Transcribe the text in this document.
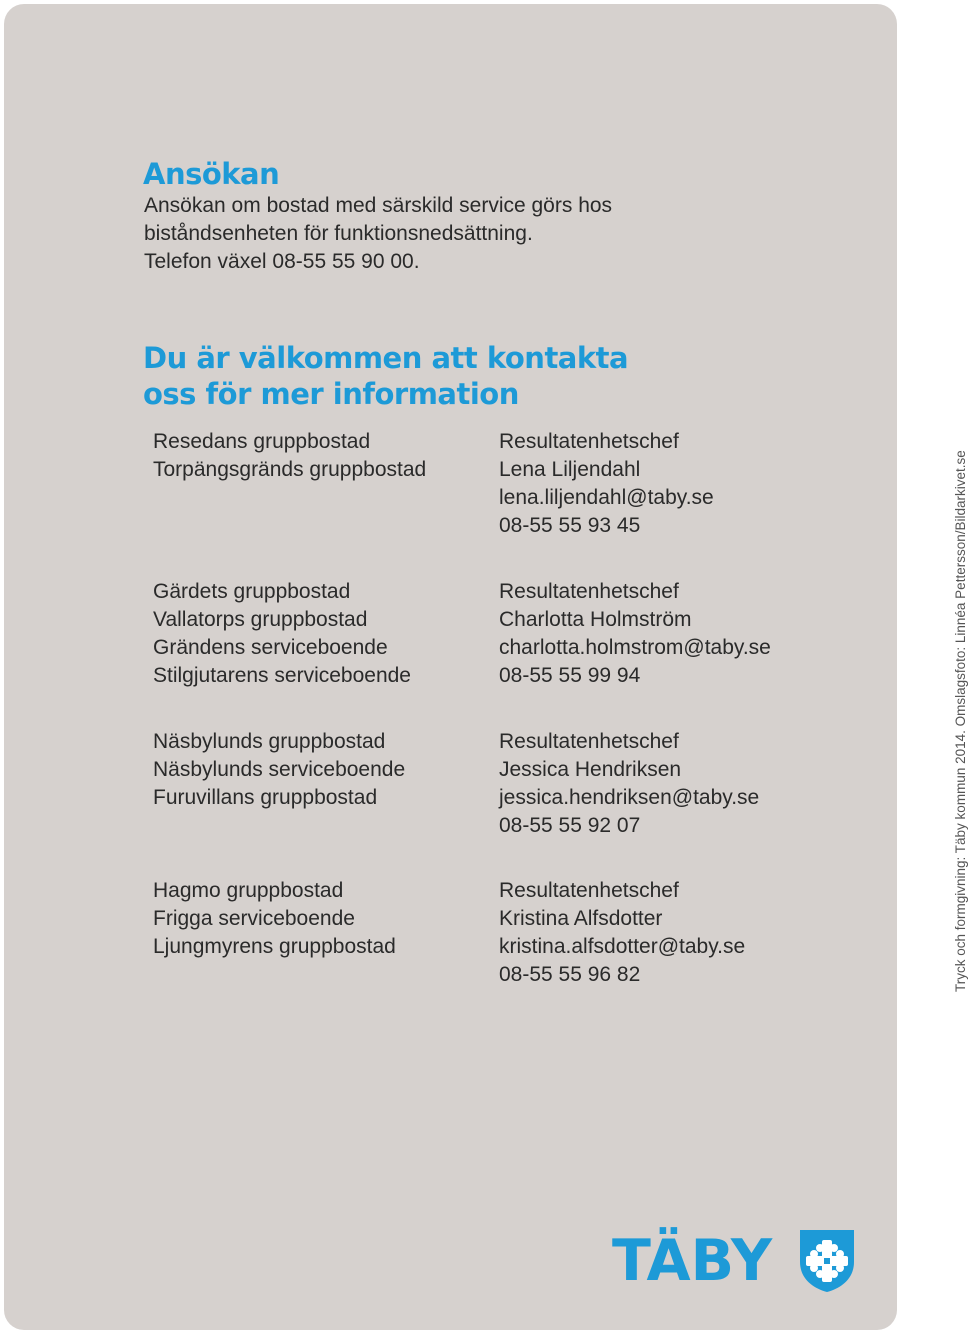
Ansökan
Ansökan om bostad med särskild service görs hos
biståndsenheten för funktionsnedsättning.
Telefon växel 08-55 55 90 00.
Du är välkommen att kontakta
oss för mer information
Resedans gruppbostad
Torpängsgränds gruppbostad
Resultatenhetschef
Lena Liljendahl
lena.liljendahl@taby.se
08-55 55 93 45
Gärdets gruppbostad
Vallatorps gruppbostad
Grändens serviceboende
Stilgjutarens serviceboende
Resultatenhetschef
Charlotta Holmström
charlotta.holmstrom@taby.se
08-55 55 99 94
Näsbylunds gruppbostad
Näsbylunds serviceboende
Furuvillans gruppbostad
Resultatenhetschef
Jessica Hendriksen
jessica.hendriksen@taby.se
08-55 55 92 07
Hagmo gruppbostad
Frigga serviceboende
Ljungmyrens gruppbostad
Resultatenhetschef
Kristina Alfsdotter
kristina.alfsdotter@taby.se
08-55 55 96 82	Tryck och formgivning: Täby kommun 2014. Omslagsfoto: Linnéa Pettersson/Bildarkivet.se
TÄBY
